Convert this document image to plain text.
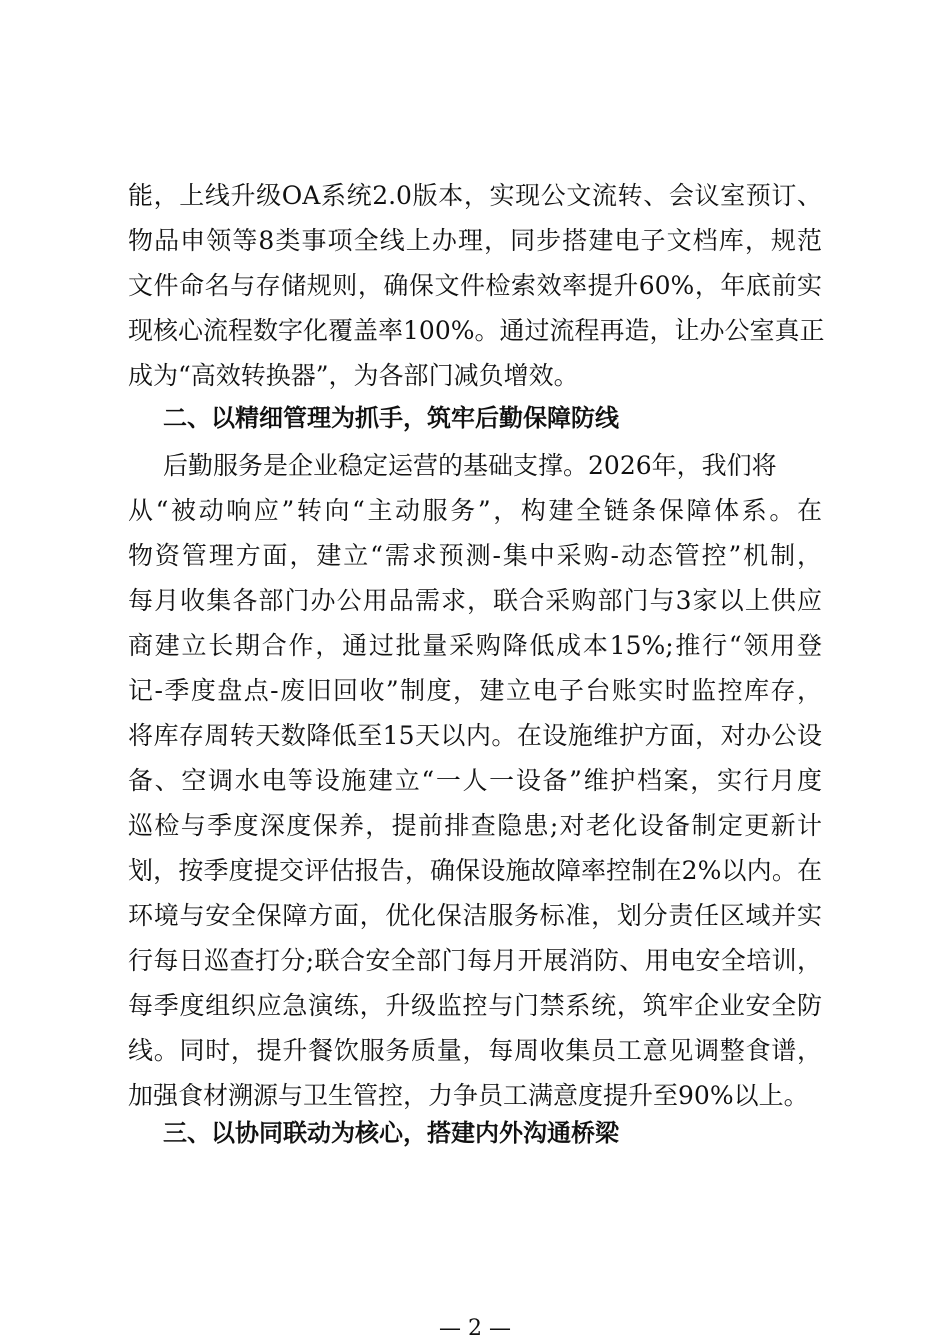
能，上线升级OA系统2.0版本，实现公文流转、会议室预订、
物品申领等8类事项全线上办理，同步搭建电子文档库，规范
文件命名与存储规则，确保文件检索效率提升60%，年底前实
现核心流程数字化覆盖率100%。通过流程再造，让办公室真正
成为“高效转换器”，为各部门减负增效。
二、以精细管理为抓手，筑牢后勤保障防线
后勤服务是企业稳定运营的基础支撑。2026年，我们将
从“被动响应”转向“主动服务”，构建全链条保障体系。在
物资管理方面，建立“需求预测-集中采购-动态管控”机制，
每月收集各部门办公用品需求，联合采购部门与3家以上供应
商建立长期合作，通过批量采购降低成本15%;推行“领用登
记-季度盘点-废旧回收”制度，建立电子台账实时监控库存，
将库存周转天数降低至15天以内。在设施维护方面，对办公设
备、空调水电等设施建立“一人一设备”维护档案，实行月度
巡检与季度深度保养，提前排查隐患;对老化设备制定更新计
划，按季度提交评估报告，确保设施故障率控制在2%以内。在
环境与安全保障方面，优化保洁服务标准，划分责任区域并实
行每日巡查打分;联合安全部门每月开展消防、用电安全培训，
每季度组织应急演练，升级监控与门禁系统，筑牢企业安全防
线。同时，提升餐饮服务质量，每周收集员工意见调整食谱，
加强食材溯源与卫生管控，力争员工满意度提升至90%以上。
三、以协同联动为核心，搭建内外沟通桥梁
— 2 —
